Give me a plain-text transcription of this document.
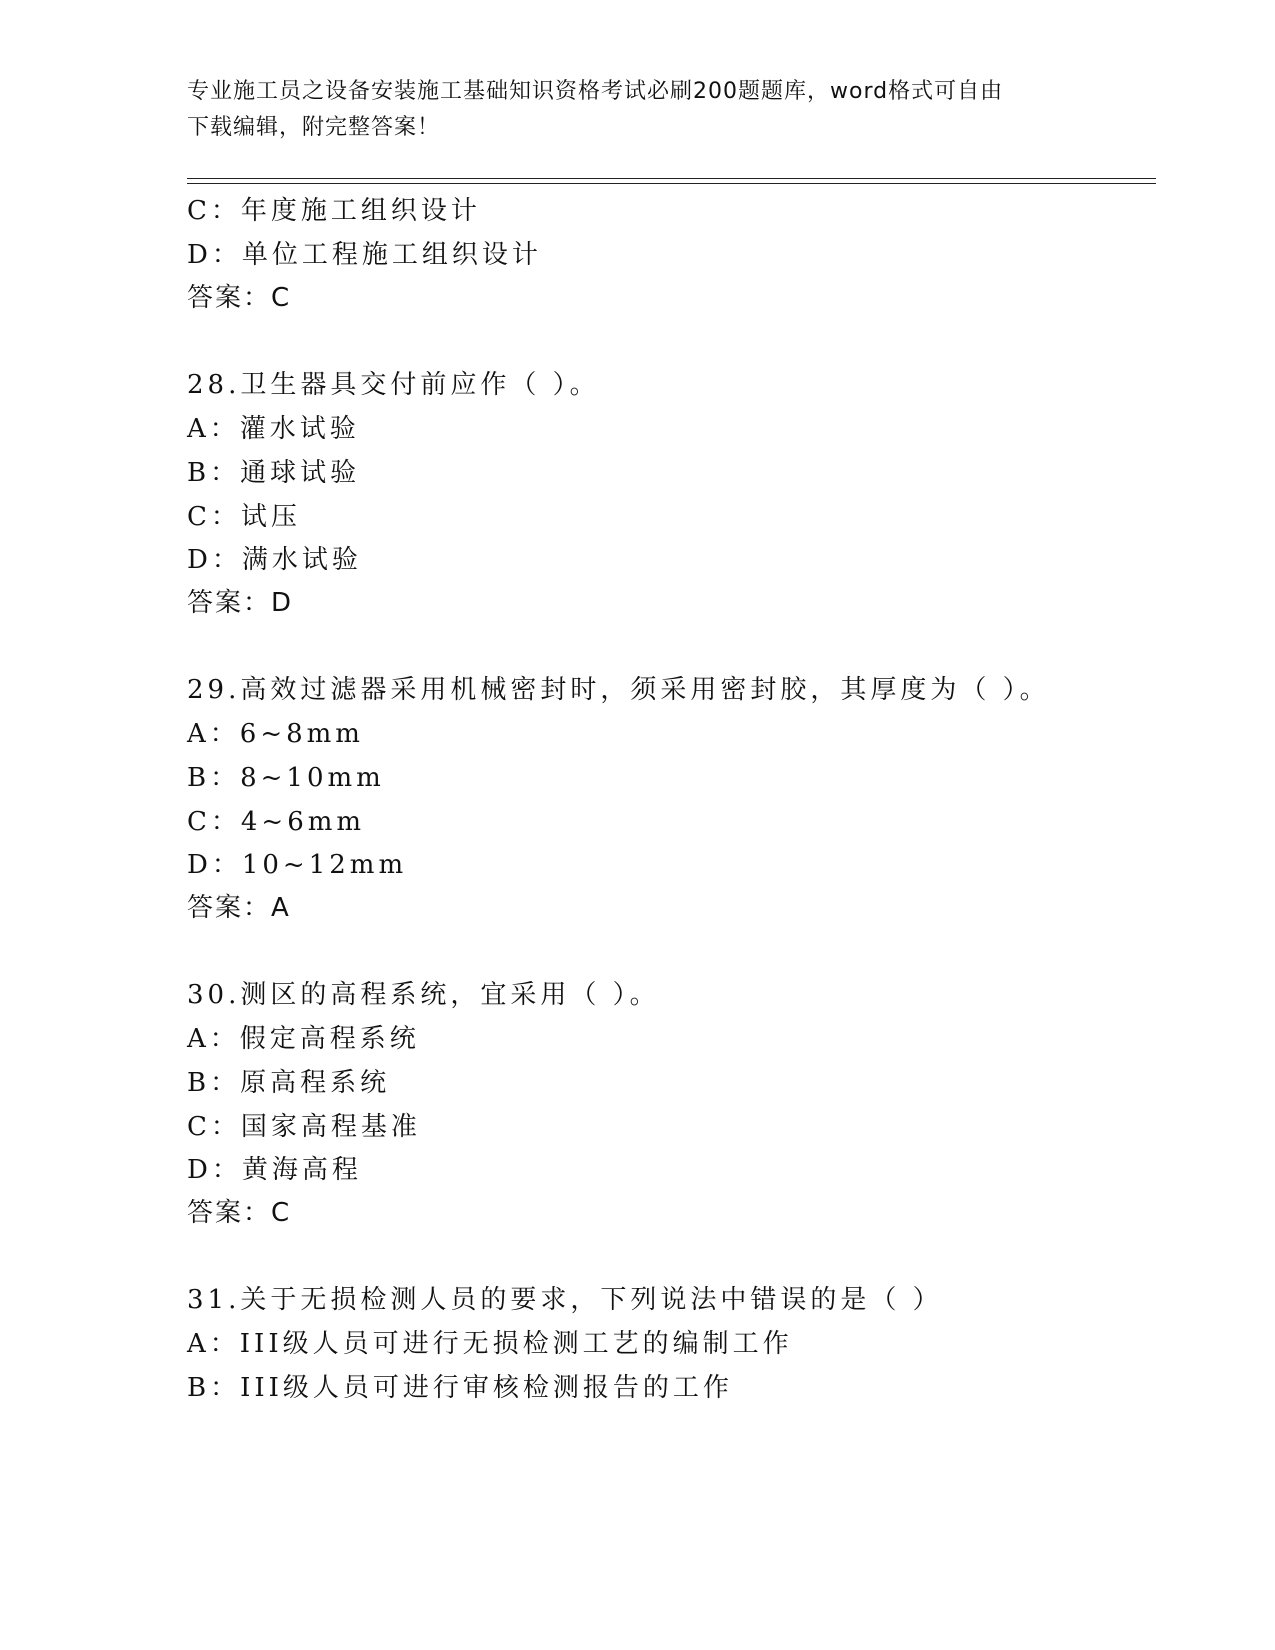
专业施工员之设备安装施工基础知识资格考试必刷200题题库，word格式可自由
下载编辑，附完整答案！
C：年度施工组织设计
D：单位工程施工组织设计
答案：C
28.卫生器具交付前应作（ ）。
A：灌水试验
B：通球试验
C：试压
D：满水试验
答案：D
29.高效过滤器采用机械密封时，须采用密封胶，其厚度为（ ）。
A：6~8mm
B：8~10mm
C：4~6mm
D：10~12mm
答案：A
30.测区的高程系统，宜采用（ ）。
A：假定高程系统
B：原高程系统
C：国家高程基准
D：黄海高程
答案：C
31.关于无损检测人员的要求，下列说法中错误的是（ ）
A：III级人员可进行无损检测工艺的编制工作
B：III级人员可进行审核检测报告的工作
